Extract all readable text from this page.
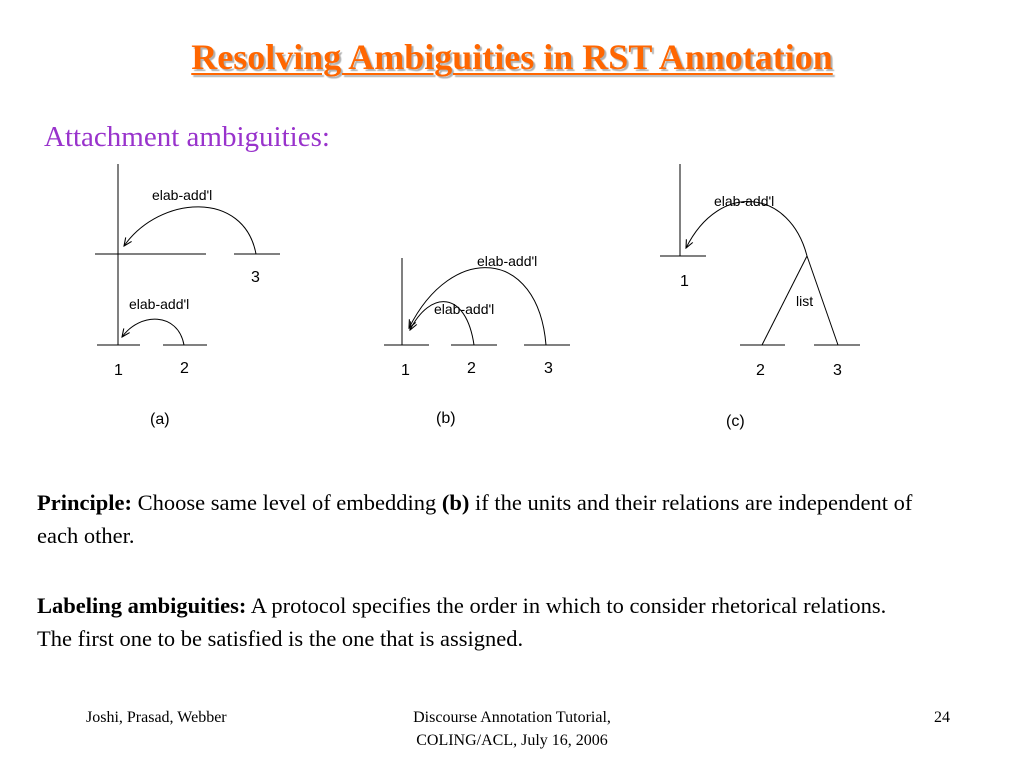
Resolving Ambiguities in RST Annotation
Attachment ambiguities:
elab-add'l
3
elab-add'l
1	2
(a)
elab-add'l
elab-add'l
1	2	3
(b)
elab-add'l
1
list
2	3
(c)
Principle: Choose same level of embedding (b) if the units and their relations are independent of each other.
Labeling ambiguities: A protocol specifies the order in which to consider rhetorical relations. The first one to be satisfied is the one that is assigned.
Joshi, Prasad, Webber	Discourse Annotation Tutorial,
COLING/ACL, July 16, 2006
24
